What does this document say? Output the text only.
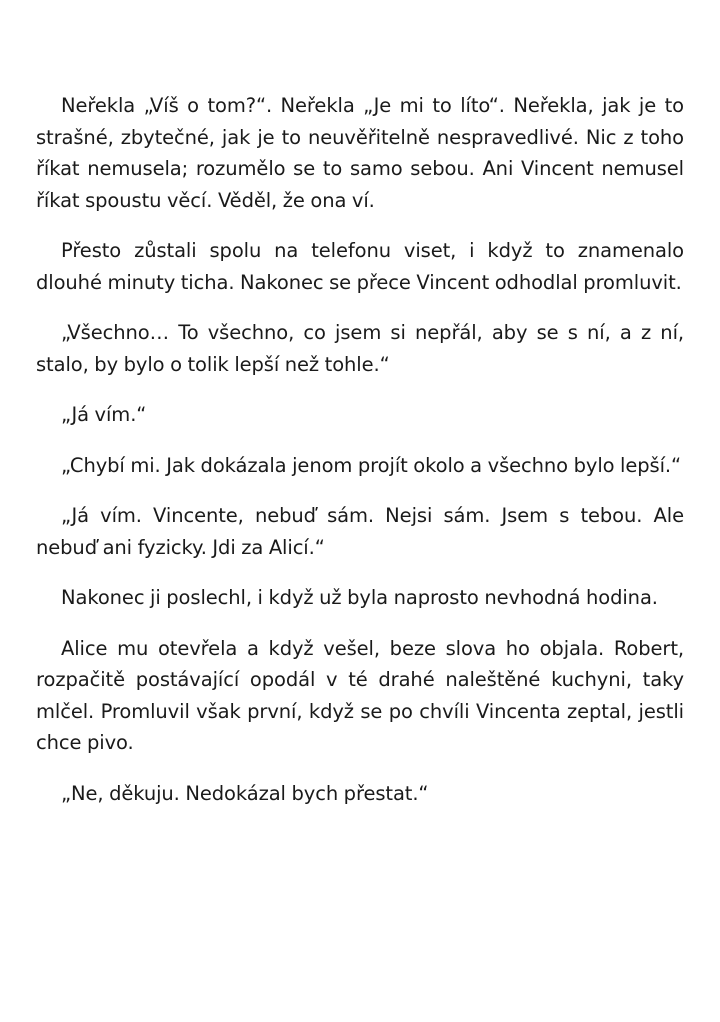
Neřekla „Víš o tom?“. Neřekla „Je mi to líto“. Neřekla, jak je to strašné, zbytečné, jak je to neuvěřitelně nespravedlivé. Nic z toho říkat nemusela; rozumělo se to samo sebou. Ani Vincent nemusel říkat spoustu věcí. Věděl, že ona ví.

Přesto zůstali spolu na telefonu viset, i když to znamenalo dlouhé minuty ticha. Nakonec se přece Vincent odhodlal promluvit.

„Všechno… To všechno, co jsem si nepřál, aby se s ní, a z ní, stalo, by bylo o tolik lepší než tohle.“

„Já vím.“

„Chybí mi. Jak dokázala jenom projít okolo a všechno bylo lepší.“

„Já vím. Vincente, nebuď sám. Nejsi sám. Jsem s tebou. Ale nebuď ani fyzicky. Jdi za Alicí.“

Nakonec ji poslechl, i když už byla naprosto nevhodná hodina.

Alice mu otevřela a když vešel, beze slova ho objala. Robert, rozpačitě postávající opodál v té drahé naleštěné kuchyni, taky mlčel. Promluvil však první, když se po chvíli Vincenta zeptal, jestli chce pivo.

„Ne, děkuju. Nedokázal bych přestat.“
